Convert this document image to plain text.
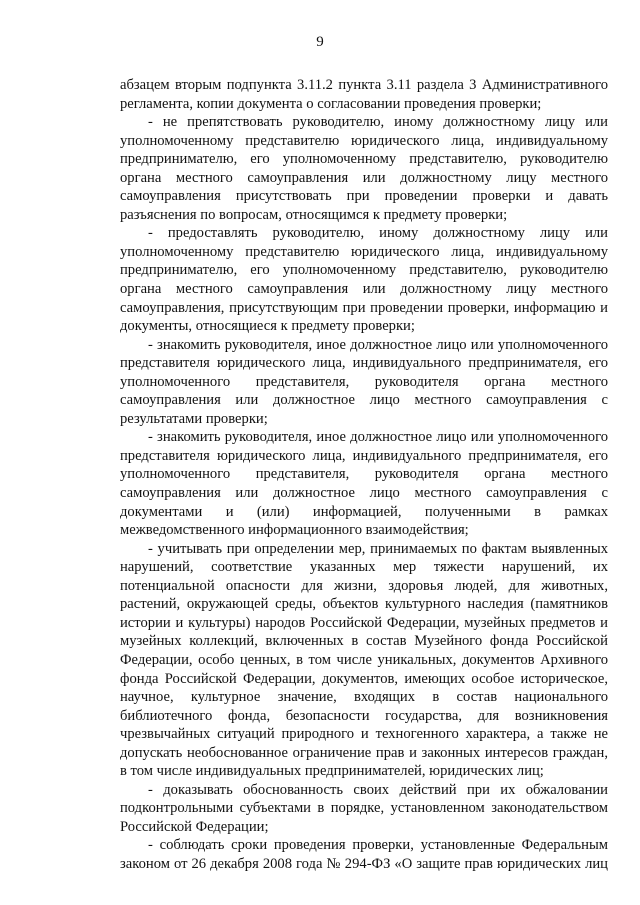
9

абзацем вторым подпункта 3.11.2 пункта 3.11 раздела 3 Административного регламента, копии документа о согласовании проведения проверки;

- не препятствовать руководителю, иному должностному лицу или уполномоченному представителю юридического лица, индивидуальному предпринимателю, его уполномоченному представителю, руководителю органа местного самоуправления или должностному лицу местного самоуправления присутствовать при проведении проверки и давать разъяснения по вопросам, относящимся к предмету проверки;

- предоставлять руководителю, иному должностному лицу или уполномоченному представителю юридического лица, индивидуальному предпринимателю, его уполномоченному представителю, руководителю органа местного самоуправления или должностному лицу местного самоуправления, присутствующим при проведении проверки, информацию и документы, относящиеся к предмету проверки;

- знакомить руководителя, иное должностное лицо или уполномоченного представителя юридического лица, индивидуального предпринимателя, его уполномоченного представителя, руководителя органа местного самоуправления или должностное лицо местного самоуправления с результатами проверки;

- знакомить руководителя, иное должностное лицо или уполномоченного представителя юридического лица, индивидуального предпринимателя, его уполномоченного представителя, руководителя органа местного самоуправления или должностное лицо местного самоуправления с документами и (или) информацией, полученными в рамках межведомственного информационного взаимодействия;

- учитывать при определении мер, принимаемых по фактам выявленных нарушений, соответствие указанных мер тяжести нарушений, их потенциальной опасности для жизни, здоровья людей, для животных, растений, окружающей среды, объектов культурного наследия (памятников истории и культуры) народов Российской Федерации, музейных предметов и музейных коллекций, включенных в состав Музейного фонда Российской Федерации, особо ценных, в том числе уникальных, документов Архивного фонда Российской Федерации, документов, имеющих особое историческое, научное, культурное значение, входящих в состав национального библиотечного фонда, безопасности государства, для возникновения чрезвычайных ситуаций природного и техногенного характера, а также не допускать необоснованное ограничение прав и законных интересов граждан, в том числе индивидуальных предпринимателей, юридических лиц;

- доказывать обоснованность своих действий при их обжаловании подконтрольными субъектами в порядке, установленном законодательством Российской Федерации;

- соблюдать сроки проведения проверки, установленные Федеральным законом от 26 декабря 2008 года № 294-ФЗ «О защите прав юридических лиц
